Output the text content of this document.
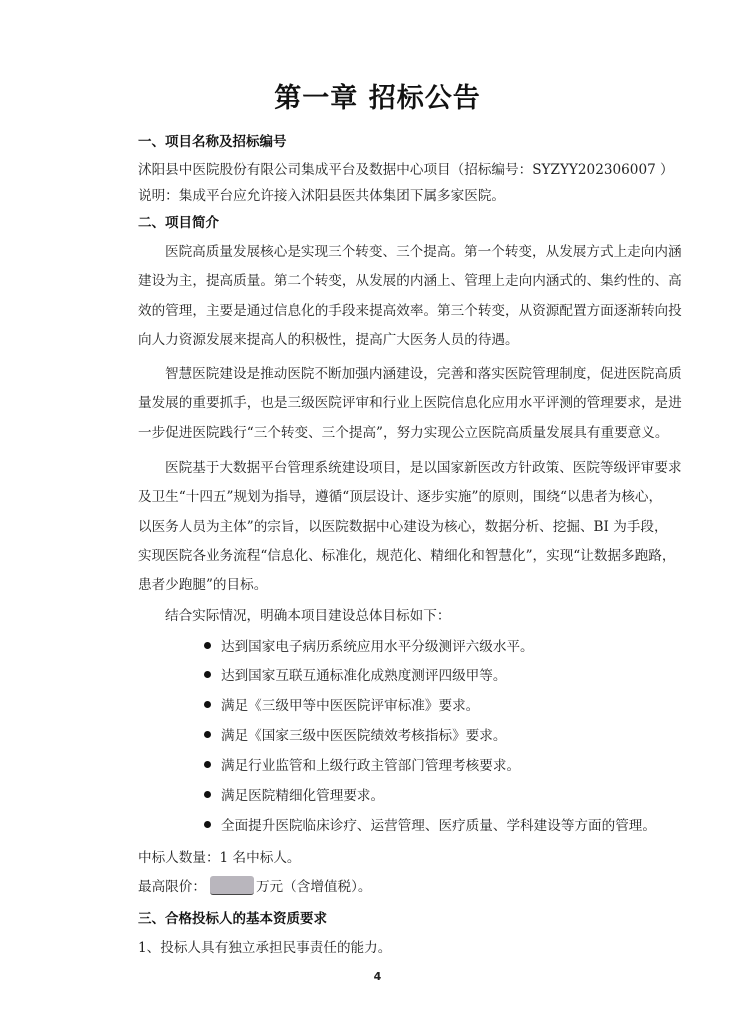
第一章 招标公告
一、项目名称及招标编号
沭阳县中医院股份有限公司集成平台及数据中心项目（招标编号：SYZYY202306007 ）
说明：集成平台应允许接入沭阳县医共体集团下属多家医院。
二、项目简介
医院高质量发展核心是实现三个转变、三个提高。第一个转变，从发展方式上走向内涵
建设为主，提高质量。第二个转变，从发展的内涵上、管理上走向内涵式的、集约性的、高
效的管理，主要是通过信息化的手段来提高效率。第三个转变，从资源配置方面逐渐转向投
向人力资源发展来提高人的积极性，提高广大医务人员的待遇。
智慧医院建设是推动医院不断加强内涵建设，完善和落实医院管理制度，促进医院高质
量发展的重要抓手，也是三级医院评审和行业上医院信息化应用水平评测的管理要求，是进
一步促进医院践行“三个转变、三个提高”，努力实现公立医院高质量发展具有重要意义。
医院基于大数据平台管理系统建设项目，是以国家新医改方针政策、医院等级评审要求
及卫生“十四五”规划为指导，遵循“顶层设计、逐步实施”的原则，围绕“以患者为核心，
以医务人员为主体”的宗旨，以医院数据中心建设为核心，数据分析、挖掘、BI 为手段，
实现医院各业务流程“信息化、标准化，规范化、精细化和智慧化”，实现“让数据多跑路，
患者少跑腿”的目标。
结合实际情况，明确本项目建设总体目标如下：
达到国家电子病历系统应用水平分级测评六级水平。
达到国家互联互通标准化成熟度测评四级甲等。
满足《三级甲等中医医院评审标准》要求。
满足《国家三级中医医院绩效考核指标》要求。
满足行业监管和上级行政主管部门管理考核要求。
满足医院精细化管理要求。
全面提升医院临床诊疗、运营管理、医疗质量、学科建设等方面的管理。
中标人数量：1 名中标人。
最高限价：	万元（含增值税）。
三、合格投标人的基本资质要求
1、投标人具有独立承担民事责任的能力。
4
